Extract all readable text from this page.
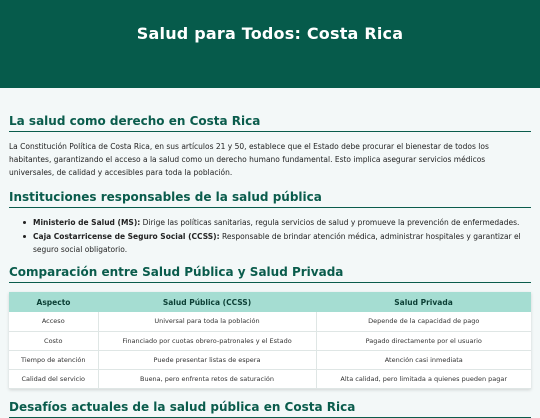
Salud para Todos: Costa Rica
La salud como derecho en Costa Rica

La Constitución Política de Costa Rica, en sus artículos 21 y 50, establece que el Estado debe procurar el bienestar de todos los habitantes, garantizando el acceso a la salud como un derecho humano fundamental. Esto implica asegurar servicios médicos universales, de calidad y accesibles para toda la población.

Instituciones responsables de la salud pública
Ministerio de Salud (MS): Dirige las políticas sanitarias, regula servicios de salud y promueve la prevención de enfermedades.
Caja Costarricense de Seguro Social (CCSS): Responsable de brindar atención médica, administrar hospitales y garantizar el seguro social obligatorio.
Comparación entre Salud Pública y Salud Privada
Aspecto	Salud Pública (CCSS)	Salud Privada
Acceso	Universal para toda la población	Depende de la capacidad de pago
Costo	Financiado por cuotas obrero-patronales y el Estado	Pagado directamente por el usuario
Tiempo de atención	Puede presentar listas de espera	Atención casi inmediata
Calidad del servicio	Buena, pero enfrenta retos de saturación	Alta calidad, pero limitada a quienes pueden pagar
Desafíos actuales de la salud pública en Costa Rica
